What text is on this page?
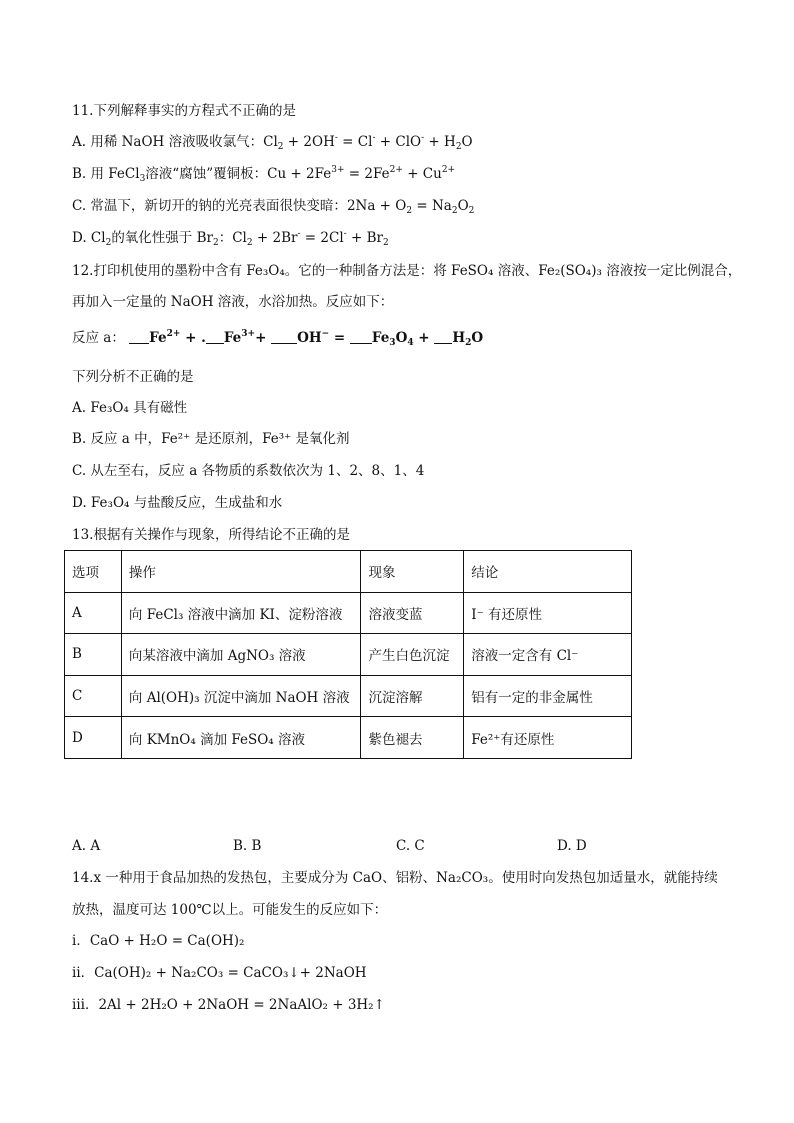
11.下列解释事实的方程式不正确的是
A. 用稀 NaOH 溶液吸收氯气：$Cl_2 + 2OH^- = Cl^- + ClO^- + H_2O$
B. 用 FeCl$_3$溶液“腐蚀”覆铜板：$Cu + 2Fe^{3+} = 2Fe^{2+} + Cu^{2+}$
C. 常温下，新切开的钠的光亮表面很快变暗：$2Na + O_2 = Na_2O_2$
D. $Cl_2$的氧化性强于 $Br_2$：$Cl_2 + 2Br^- = 2Cl^- + Br_2$
12.打印机使用的墨粉中含有 Fe₃O₄。它的一种制备方法是：将 FeSO₄ 溶液、Fe₂(SO₄)₃ 溶液按一定比例混合，
再加入一定量的 NaOH 溶液，水浴加热。反应如下：
反应 a： $Fe^{2+}$ + . $Fe^{3+}+ OH^- = Fe_3O_4 + H_2O$
下列分析不正确的是
A. Fe₃O₄ 具有磁性
B. 反应 a 中，Fe²⁺ 是还原剂，Fe³⁺ 是氧化剂
C. 从左至右，反应 a 各物质的系数依次为 1、2、8、1、4
D. Fe₃O₄ 与盐酸反应，生成盐和水
13.根据有关操作与现象，所得结论不正确的是
选项	操作	现象	结论
A	向 FeCl₃ 溶液中滴加 KI、淀粉溶液	溶液变蓝	I⁻ 有还原性
B	向某溶液中滴加 AgNO₃ 溶液	产生白色沉淀	溶液一定含有 Cl⁻
C	向 Al(OH)₃ 沉淀中滴加 NaOH 溶液	沉淀溶解	铝有一定的非金属性
D	向 KMnO₄ 滴加 FeSO₄ 溶液	紫色褪去	Fe²⁺有还原性
A. A	B. B	C. C	D. D
14.x 一种用于食品加热的发热包，主要成分为 CaO、铝粉、Na₂CO₃。使用时向发热包加适量水，就能持续
放热，温度可达 100℃以上。可能发生的反应如下：
ⅰ．CaO + H₂O = Ca(OH)₂
ⅱ．Ca(OH)₂ + Na₂CO₃ = CaCO₃↓+ 2NaOH
ⅲ．2Al + 2H₂O + 2NaOH = 2NaAlO₂ + 3H₂↑
